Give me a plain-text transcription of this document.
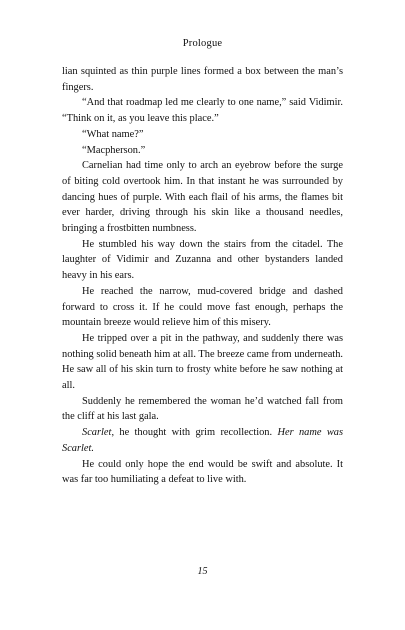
Prologue

lian squinted as thin purple lines formed a box between the man’s fingers.

“And that roadmap led me clearly to one name,” said Vidimir. “Think on it, as you leave this place.”

“What name?”

“Macpherson.”

Carnelian had time only to arch an eyebrow before the surge of biting cold overtook him. In that instant he was surrounded by dancing hues of purple. With each flail of his arms, the flames bit ever harder, driving through his skin like a thousand needles, bringing a frostbitten numbness.

He stumbled his way down the stairs from the citadel. The laughter of Vidimir and Zuzanna and other bystanders landed heavy in his ears.

He reached the narrow, mud-covered bridge and dashed forward to cross it. If he could move fast enough, perhaps the mountain breeze would relieve him of this misery.

He tripped over a pit in the pathway, and suddenly there was nothing solid beneath him at all. The breeze came from underneath. He saw all of his skin turn to frosty white before he saw nothing at all.

Suddenly he remembered the woman he’d watched fall from the cliff at his last gala.

Scarlet, he thought with grim recollection. Her name was Scarlet.

He could only hope the end would be swift and absolute. It was far too humiliating a defeat to live with.

15
